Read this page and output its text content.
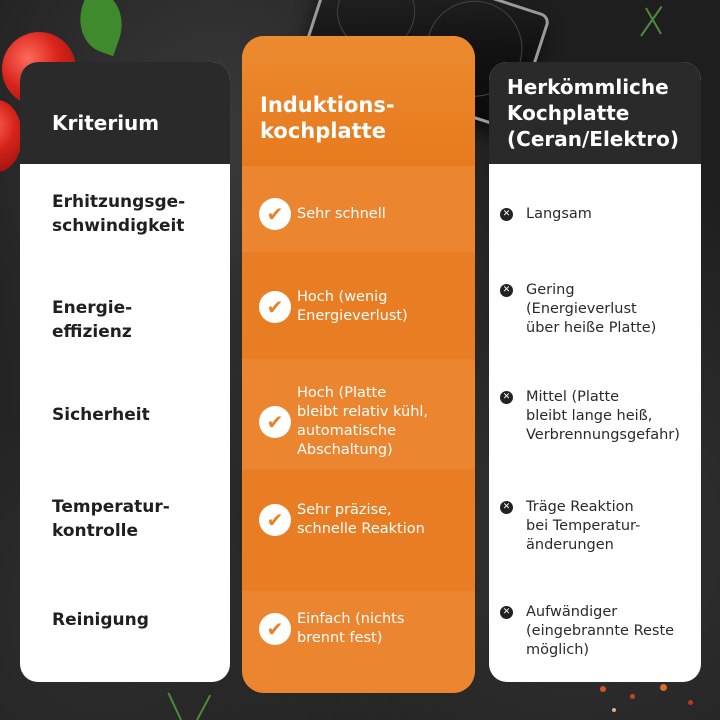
Kriterium
Erhitzungsge-
schwindigkeit
Energie-
effizienz
Sicherheit
Temperatur-
kontrolle
Reinigung
Induktions-
kochplatte
✔ Sehr schnell
✔ Hoch (wenig
Energieverlust)
✔
Hoch (Platte
bleibt relativ kühl,
automatische
Abschaltung)
✔ Sehr präzise,
schnelle Reaktion
✔ Einfach (nichts
brennt fest)
Herkömmliche
Kochplatte
(Ceran/Elektro)
✕ Langsam
✕ Gering
(Energieverlust
über heiße Platte)
✕ Mittel (Platte
bleibt lange heiß,
Verbrennungsgefahr)
✕ Träge Reaktion
bei Temperatur-
änderungen
✕ Aufwändiger
(eingebrannte Reste
möglich)
